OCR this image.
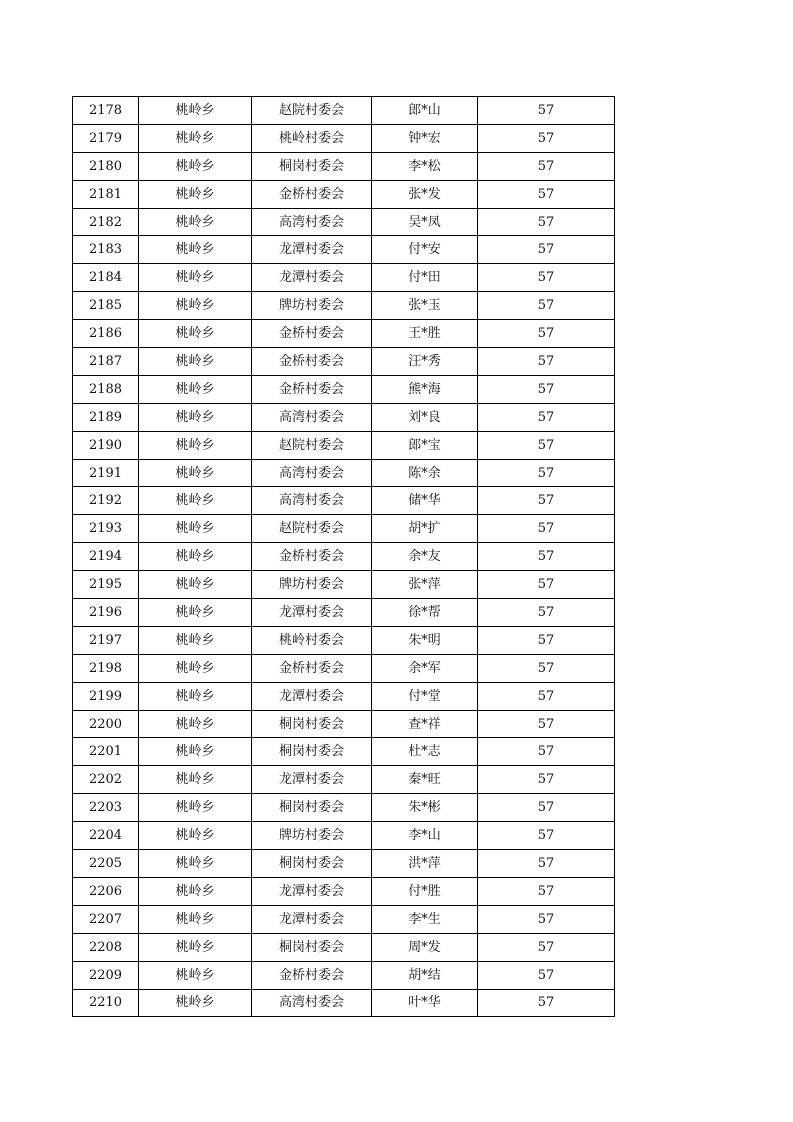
2178	桃岭乡	赵院村委会	郎*山	57
2179	桃岭乡	桃岭村委会	钟*宏	57
2180	桃岭乡	桐岗村委会	李*松	57
2181	桃岭乡	金桥村委会	张*发	57
2182	桃岭乡	高湾村委会	吴*凤	57
2183	桃岭乡	龙潭村委会	付*安	57
2184	桃岭乡	龙潭村委会	付*田	57
2185	桃岭乡	牌坊村委会	张*玉	57
2186	桃岭乡	金桥村委会	王*胜	57
2187	桃岭乡	金桥村委会	汪*秀	57
2188	桃岭乡	金桥村委会	熊*海	57
2189	桃岭乡	高湾村委会	刘*良	57
2190	桃岭乡	赵院村委会	郎*宝	57
2191	桃岭乡	高湾村委会	陈*余	57
2192	桃岭乡	高湾村委会	储*华	57
2193	桃岭乡	赵院村委会	胡*扩	57
2194	桃岭乡	金桥村委会	余*友	57
2195	桃岭乡	牌坊村委会	张*萍	57
2196	桃岭乡	龙潭村委会	徐*帮	57
2197	桃岭乡	桃岭村委会	朱*明	57
2198	桃岭乡	金桥村委会	余*军	57
2199	桃岭乡	龙潭村委会	付*堂	57
2200	桃岭乡	桐岗村委会	查*祥	57
2201	桃岭乡	桐岗村委会	杜*志	57
2202	桃岭乡	龙潭村委会	秦*旺	57
2203	桃岭乡	桐岗村委会	朱*彬	57
2204	桃岭乡	牌坊村委会	李*山	57
2205	桃岭乡	桐岗村委会	洪*萍	57
2206	桃岭乡	龙潭村委会	付*胜	57
2207	桃岭乡	龙潭村委会	李*生	57
2208	桃岭乡	桐岗村委会	周*发	57
2209	桃岭乡	金桥村委会	胡*结	57
2210	桃岭乡	高湾村委会	叶*华	57
